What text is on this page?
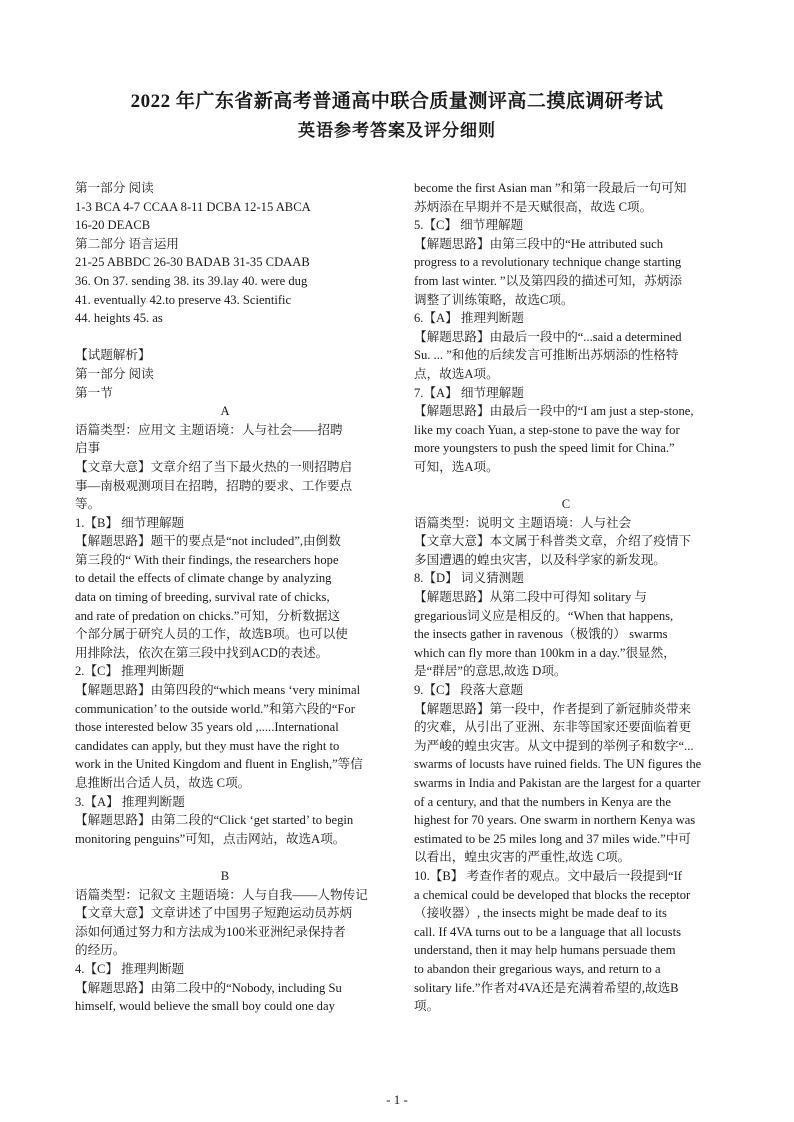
2022 年广东省新高考普通高中联合质量测评高二摸底调研考试
英语参考答案及评分细则
第一部分 阅读
1-3 BCA 4-7 CCAA 8-11 DCBA 12-15 ABCA
16-20 DEACB
第二部分 语言运用
21-25 ABBDC 26-30 BADAB 31-35 CDAAB
36. On 37. sending 38. its 39.lay 40. were dug
41. eventually 42.to preserve 43. Scientific
44. heights 45. as
【试题解析】
第一部分 阅读
第一节
A
语篇类型：应用文 主题语境：人与社会——招聘
启事
【文章大意】文章介绍了当下最火热的一则招聘启
事—南极观测项目在招聘，招聘的要求、工作要点
等。
1.【B】 细节理解题
【解题思路】题干的要点是“not included”,由倒数
第三段的“ With their findings, the researchers hope
to detail the effects of climate change by analyzing
data on timing of breeding, survival rate of chicks,
and rate of predation on chicks.”可知，分析数据这
个部分属于研究人员的工作，故选B项。也可以使
用排除法，依次在第三段中找到ACD的表述。
2.【C】 推理判断题
【解题思路】由第四段的“which means ‘very minimal
communication’ to the outside world.”和第六段的“For
those interested below 35 years old ,.....International
candidates can apply, but they must have the right to
work in the United Kingdom and fluent in English,”等信
息推断出合适人员，故选 C项。
3.【A】 推理判断题
【解题思路】由第二段的“Click ‘get started’ to begin
monitoring penguins”可知，点击网站，故选A项。
B
语篇类型：记叙文 主题语境：人与自我——人物传记
【文章大意】文章讲述了中国男子短跑运动员苏炳
添如何通过努力和方法成为100米亚洲纪录保持者
的经历。
4.【C】 推理判断题
【解题思路】由第二段中的“Nobody, including Su
himself, would believe the small boy could one day
become the first Asian man ”和第一段最后一句可知
苏炳添在早期并不是天赋很高，故选 C项。
5.【C】 细节理解题
【解题思路】由第三段中的“He attributed such
progress to a revolutionary technique change starting
from last winter. ”以及第四段的描述可知，苏炳添
调整了训练策略，故选C项。
6.【A】 推理判断题
【解题思路】由最后一段中的“...said a determined
Su. ... ”和他的后续发言可推断出苏炳添的性格特
点，故选A项。
7.【A】 细节理解题
【解题思路】由最后一段中的“I am just a step-stone,
like my coach Yuan, a step-stone to pave the way for
more youngsters to push the speed limit for China.”
可知，选A项。
C
语篇类型：说明文 主题语境：人与社会
【文章大意】本文属于科普类文章，介绍了疫情下
多国遭遇的蝗虫灾害，以及科学家的新发现。
8.【D】 词义猜测题
【解题思路】从第二段中可得知 solitary 与
gregarious词义应是相反的。“When that happens,
the insects gather in ravenous（极饿的） swarms
which can fly more than 100km in a day.”很显然，
是“群居”的意思,故选 D项。
9.【C】 段落大意题
【解题思路】第一段中，作者提到了新冠肺炎带来
的灾难，从引出了亚洲、东非等国家还要面临着更
为严峻的蝗虫灾害。从文中提到的举例子和数字“...
swarms of locusts have ruined fields. The UN figures the
swarms in India and Pakistan are the largest for a quarter
of a century, and that the numbers in Kenya are the
highest for 70 years. One swarm in northern Kenya was
estimated to be 25 miles long and 37 miles wide.”中可
以看出，蝗虫灾害的严重性,故选 C项。
10.【B】 考查作者的观点。文中最后一段提到“If
a chemical could be developed that blocks the receptor
（接收器）, the insects might be made deaf to its
call. If 4VA turns out to be a language that all locusts
understand, then it may help humans persuade them
to abandon their gregarious ways, and return to a
solitary life.”作者对4VA还是充满着希望的,故选B
项。
- 1 -
